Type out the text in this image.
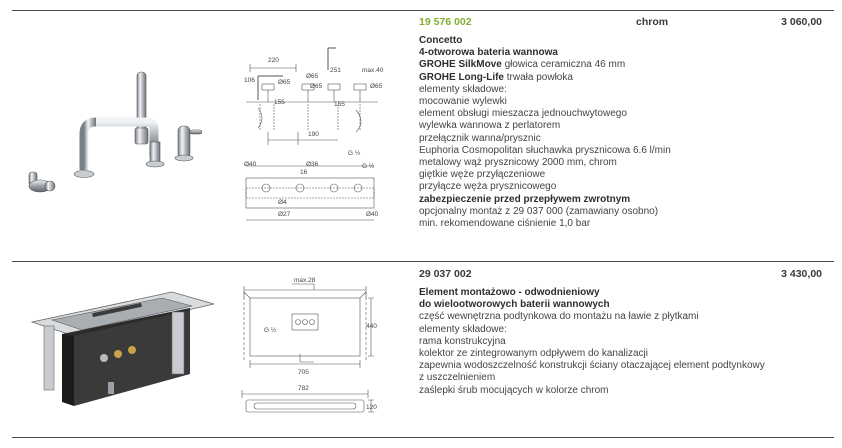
220
106	Ø65
Ø65
Ø65
251	max.40
Ø65
155	155
190
G ½
G ½
Ø40	Ø36
16
Ø4
Ø27	Ø40
19 576 002	chrom	3 060,00
Concetto
4-otworowa bateria wannowa
GROHE SilkMove głowica ceramiczna 46 mm
GROHE Long-Life trwała powłoka
elementy składowe:
mocowanie wylewki
element obsługi mieszacza jednouchwytowego
wylewka wannowa z perlatorem
przełącznik wanna/prysznic
Euphoria Cosmopolitan słuchawka prysznicowa 6.6 l/min
metalowy wąż prysznicowy 2000 mm, chrom
giętkie węże przyłączeniowe
przyłącze węża prysznicowego
zabezpieczenie przed przepływem zwrotnym
opcjonalny montaż z 29 037 000 (zamawiany osobno)
min. rekomendowane ciśnienie 1,0 bar
max.28
G ½
440
705
782
120
29 037 002	3 430,00
Element montażowo - odwodnieniowy
do wielootworowych baterii wannowych
część wewnętrzna podtynkowa do montażu na ławie z płytkami
elementy składowe:
rama konstrukcyjna
kolektor ze zintegrowanym odpływem do kanalizacji
zapewnia wodoszczelność konstrukcji ściany otaczającej element podtynkowy
z uszczelnieniem
zaślepki śrub mocujących w kolorze chrom
